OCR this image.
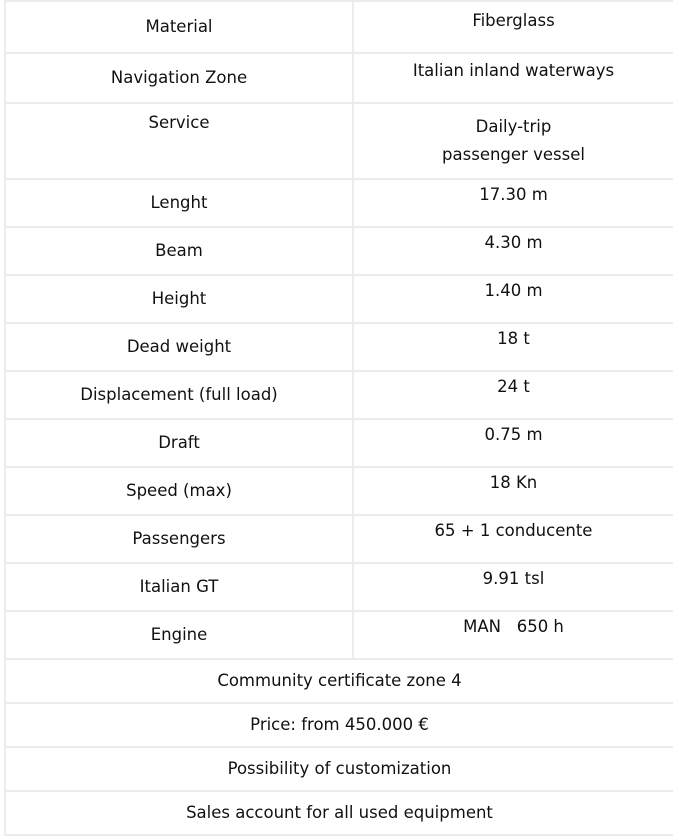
Material	Fiberglass
Navigation Zone	Italian inland waterways
Service	Daily-trip
passenger vessel

Lenght	17.30 m
Beam	4.30 m
Height	1.40 m
Dead weight	18 t
Displacement (full load)	24 t
Draft	0.75 m
Speed (max)	18 Kn
Passengers	65 + 1 conducente
Italian GT	9.91 tsl
Engine	MAN   650 h
Community certificate zone 4	
Price: from 450.000 €	
Possibility of customization	
Sales account for all used equipment	
